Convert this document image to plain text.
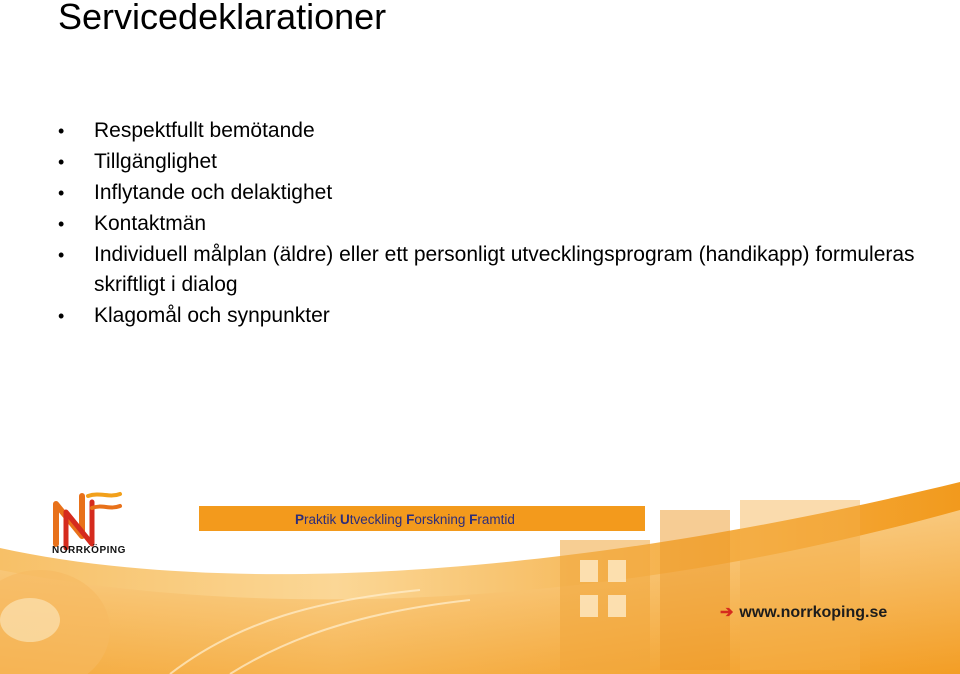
Servicedeklarationer
•	Respektfullt bemötande
•	Tillgänglighet
•	Inflytande och delaktighet
•	Kontaktmän
•	Individuell målplan (äldre) eller ett personligt utvecklingsprogram (handikapp) formuleras skriftligt i dialog
•	Klagomål och synpunkter
NORRKÖPING
Praktik Utveckling Forskning Framtid
➔ www.norrkoping.se
